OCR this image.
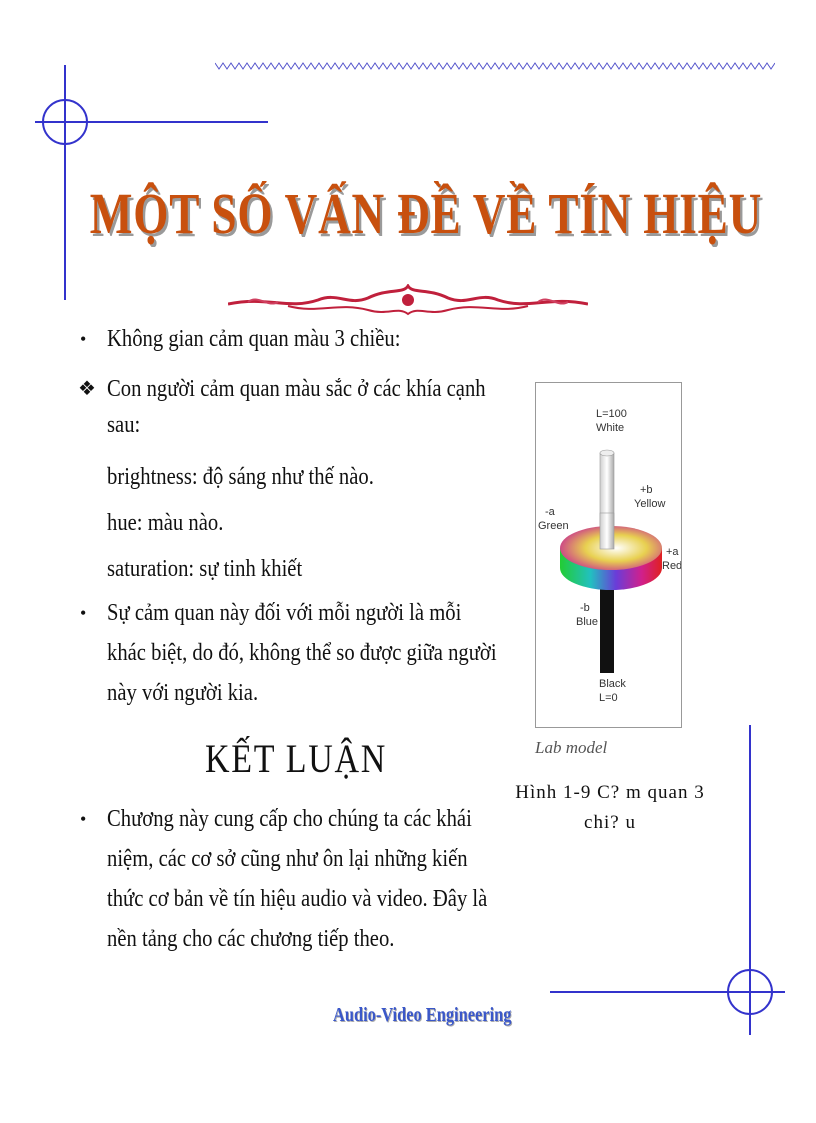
MỘT SỐ VẤN ĐỀ VỀ TÍN HIỆU
• Không gian cảm quan màu 3 chiều:
❖ Con người cảm quan màu sắc ở các khía cạnh
sau:
brightness: độ sáng như thế nào.
hue: màu nào.
saturation: sự tinh khiết
• Sự cảm quan này đối với mỗi người là mỗi
khác biệt, do đó, không thể so được giữa người
này với người kia.
KẾT LUẬN
• Chương này cung cấp cho chúng ta các khái
niệm, các cơ sở cũng như ôn lại những kiến
thức cơ bản về tín hiệu audio và video. Đây là
nền tảng cho các chương tiếp theo.
L=100
White
+b
Yellow
-a
Green
+a
Red
-b
Blue
Black
L=0
Lab model
Hình 1-9 C? m quan 3
chi? u
Audio-Video Engineering
